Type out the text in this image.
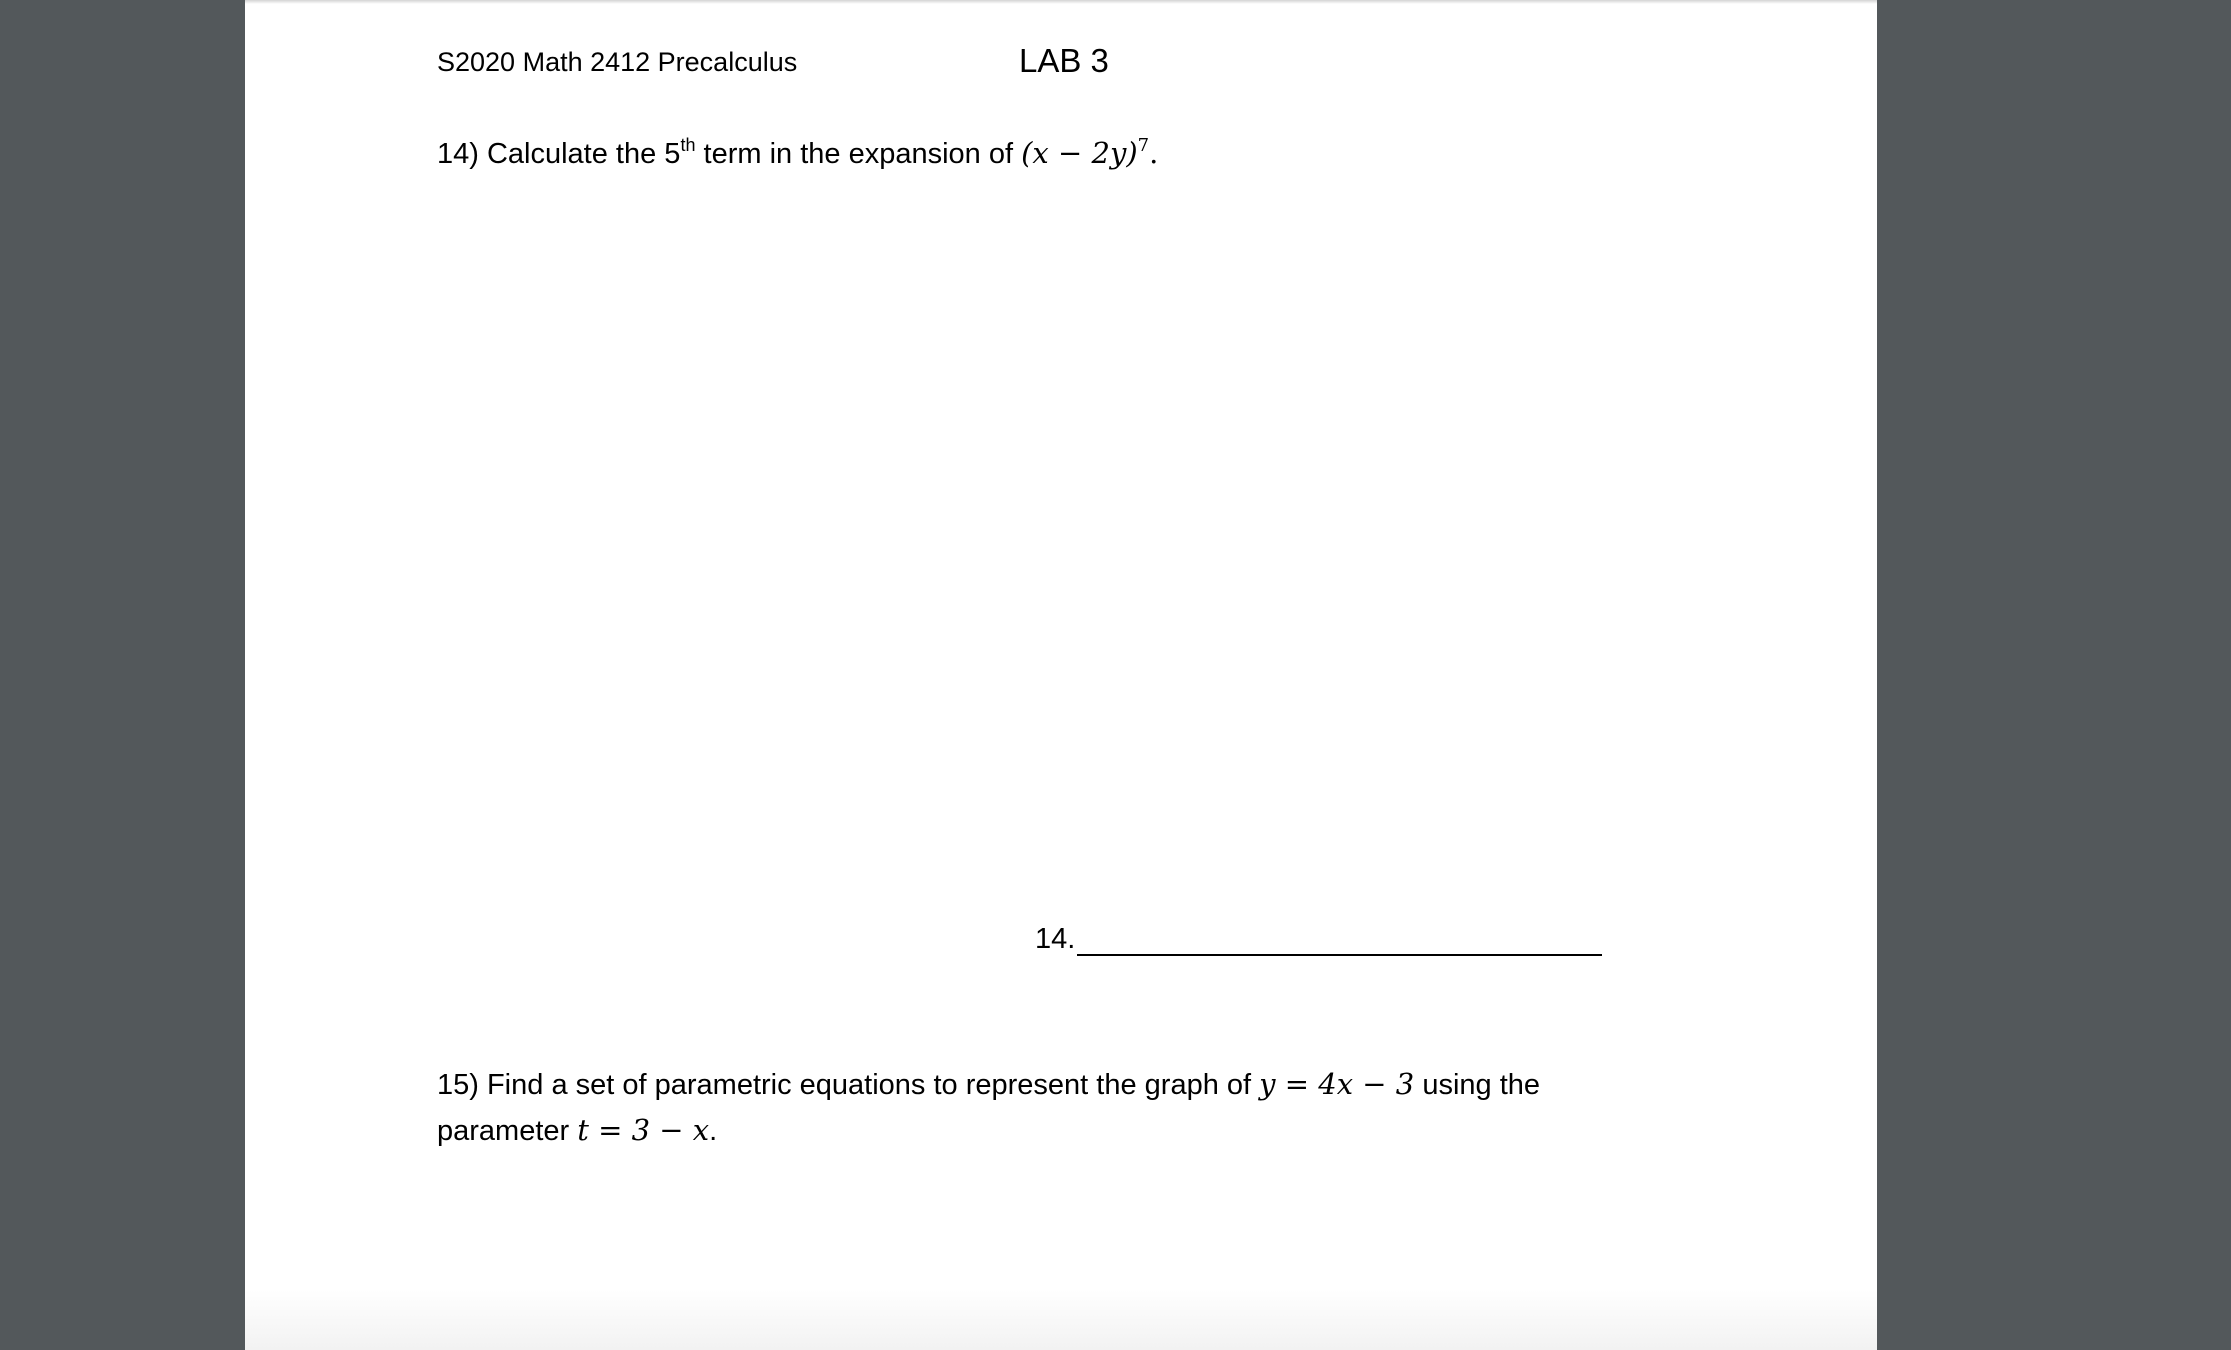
S2020 Math 2412 Precalculus	LAB 3
14) Calculate the 5th term in the expansion of (𝑥 − 2𝑦)$^7$.
14.
15) Find a set of parametric equations to represent the graph of 𝑦 = 4𝑥 − 3 using the
parameter 𝑡 = 3 − 𝑥.
